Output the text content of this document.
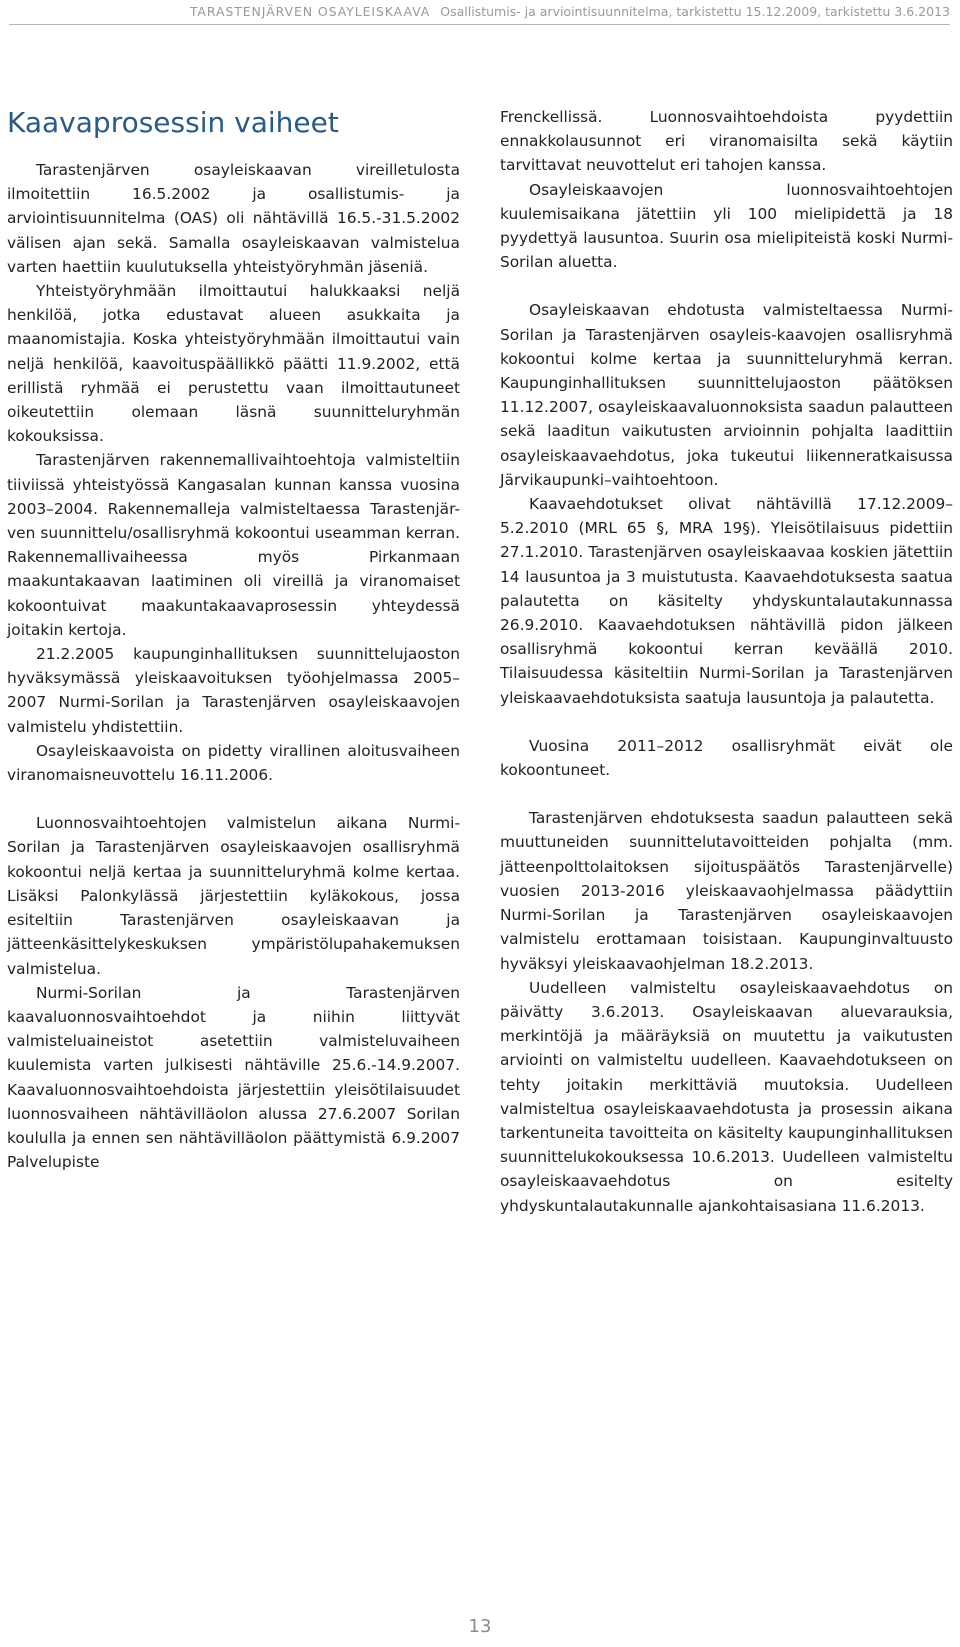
TARASTENJÄRVEN OSAYLEISKAAVA Osallistumis- ja arviointisuunnitelma, tarkistettu 15.12.2009, tarkistettu 3.6.2013
Kaavaprosessin vaiheet

Tarastenjärven osayleiskaavan vireilletulosta ilmoitettiin 16.5.2002 ja osallistumis- ja arviointisuunnitelma (OAS) oli nähtävillä 16.5.-31.5.2002 välisen ajan sekä. Samalla osayleiskaavan valmistelua varten haettiin kuulutuksella yhteistyöryhmän jäseniä.

Yhteistyöryhmään ilmoittautui halukkaaksi neljä henkilöä, jotka edustavat alueen asukkaita ja maanomistajia. Koska yhteistyöryhmään ilmoittautui vain neljä henkilöä, kaavoituspäällikkö päätti 11.9.2002, että erillistä ryhmää ei perustettu vaan ilmoittautuneet oikeutettiin olemaan läsnä suunnitteluryhmän kokouksissa.

Tarastenjärven rakennemallivaihtoehtoja valmisteltiin tiiviissä yhteistyössä Kangasalan kunnan kanssa vuosina 2003–2004. Rakennemalleja valmisteltaessa Tarastenjär-ven suunnittelu/osallisryhmä kokoontui useamman kerran. Rakennemallivaiheessa myös Pirkanmaan maakuntakaavan laatiminen oli vireillä ja viranomaiset kokoontuivat maakuntakaavaprosessin yhteydessä joitakin kertoja.

21.2.2005 kaupunginhallituksen suunnittelujaoston hyväksymässä yleiskaavoituksen työohjelmassa 2005–2007 Nurmi-Sorilan ja Tarastenjärven osayleiskaavojen valmistelu yhdistettiin.

Osayleiskaavoista on pidetty virallinen aloitusvaiheen viranomaisneuvottelu 16.11.2006.

Luonnosvaihtoehtojen valmistelun aikana Nurmi-Sorilan ja Tarastenjärven osayleiskaavojen osallisryhmä kokoontui neljä kertaa ja suunnitteluryhmä kolme kertaa. Lisäksi Palonkylässä järjestettiin kyläkokous, jossa esiteltiin Tarastenjärven osayleiskaavan ja jätteenkäsittelykeskuksen ympäristölupahakemuksen valmistelua.

Nurmi-Sorilan ja Tarastenjärven kaavaluonnosvaihtoehdot ja niihin liittyvät valmisteluaineistot asetettiin valmisteluvaiheen kuulemista varten julkisesti nähtäville 25.6.-14.9.2007. Kaavaluonnosvaihtoehdoista järjestettiin yleisötilaisuudet luonnosvaiheen nähtävilläolon alussa 27.6.2007 Sorilan koululla ja ennen sen nähtävilläolon päättymistä 6.9.2007 Palvelupiste

Frenckellissä. Luonnosvaihtoehdoista pyydettiin ennakkolausunnot eri viranomaisilta sekä käytiin tarvittavat neuvottelut eri tahojen kanssa.

Osayleiskaavojen luonnosvaihtoehtojen kuulemisaikana jätettiin yli 100 mielipidettä ja 18 pyydettyä lausuntoa. Suurin osa mielipiteistä koski Nurmi-Sorilan aluetta.

Osayleiskaavan ehdotusta valmisteltaessa Nurmi-Sorilan ja Tarastenjärven osayleis-kaavojen osallisryhmä kokoontui kolme kertaa ja suunnitteluryhmä kerran. Kaupunginhallituksen suunnittelujaoston päätöksen 11.12.2007, osayleiskaavaluonnoksista saadun palautteen sekä laaditun vaikutusten arvioinnin pohjalta laadittiin osayleiskaavaehdotus, joka tukeutui liikenneratkaisussa Järvikaupunki–vaihtoehtoon.

Kaavaehdotukset olivat nähtävillä 17.12.2009–5.2.2010 (MRL 65 §, MRA 19§). Yleisötilaisuus pidettiin 27.1.2010. Tarastenjärven osayleiskaavaa koskien jätettiin 14 lausuntoa ja 3 muistutusta. Kaavaehdotuksesta saatua palautetta on käsitelty yhdyskuntalautakunnassa 26.9.2010. Kaavaehdotuksen nähtävillä pidon jälkeen osallisryhmä kokoontui kerran keväällä 2010. Tilaisuudessa käsiteltiin Nurmi-Sorilan ja Tarastenjärven yleiskaavaehdotuksista saatuja lausuntoja ja palautetta.

Vuosina 2011–2012 osallisryhmät eivät ole kokoontuneet.

Tarastenjärven ehdotuksesta saadun palautteen sekä muuttuneiden suunnittelutavoitteiden pohjalta (mm. jätteenpolttolaitoksen sijoituspäätös Tarastenjärvelle) vuosien 2013-2016 yleiskaavaohjelmassa päädyttiin Nurmi-Sorilan ja Tarastenjärven osayleiskaavojen valmistelu erottamaan toisistaan. Kaupunginvaltuusto hyväksyi yleiskaavaohjelman 18.2.2013.

Uudelleen valmisteltu osayleiskaavaehdotus on päivätty 3.6.2013. Osayleiskaavan aluevarauksia, merkintöjä ja määräyksiä on muutettu ja vaikutusten arviointi on valmisteltu uudelleen. Kaavaehdotukseen on tehty joitakin merkittäviä muutoksia. Uudelleen valmisteltua osayleiskaavaehdotusta ja prosessin aikana tarkentuneita tavoitteita on käsitelty kaupunginhallituksen suunnittelukokouksessa 10.6.2013. Uudelleen valmisteltu osayleiskaavaehdotus on esitelty yhdyskuntalautakunnalle ajankohtaisasiana 11.6.2013.

13
